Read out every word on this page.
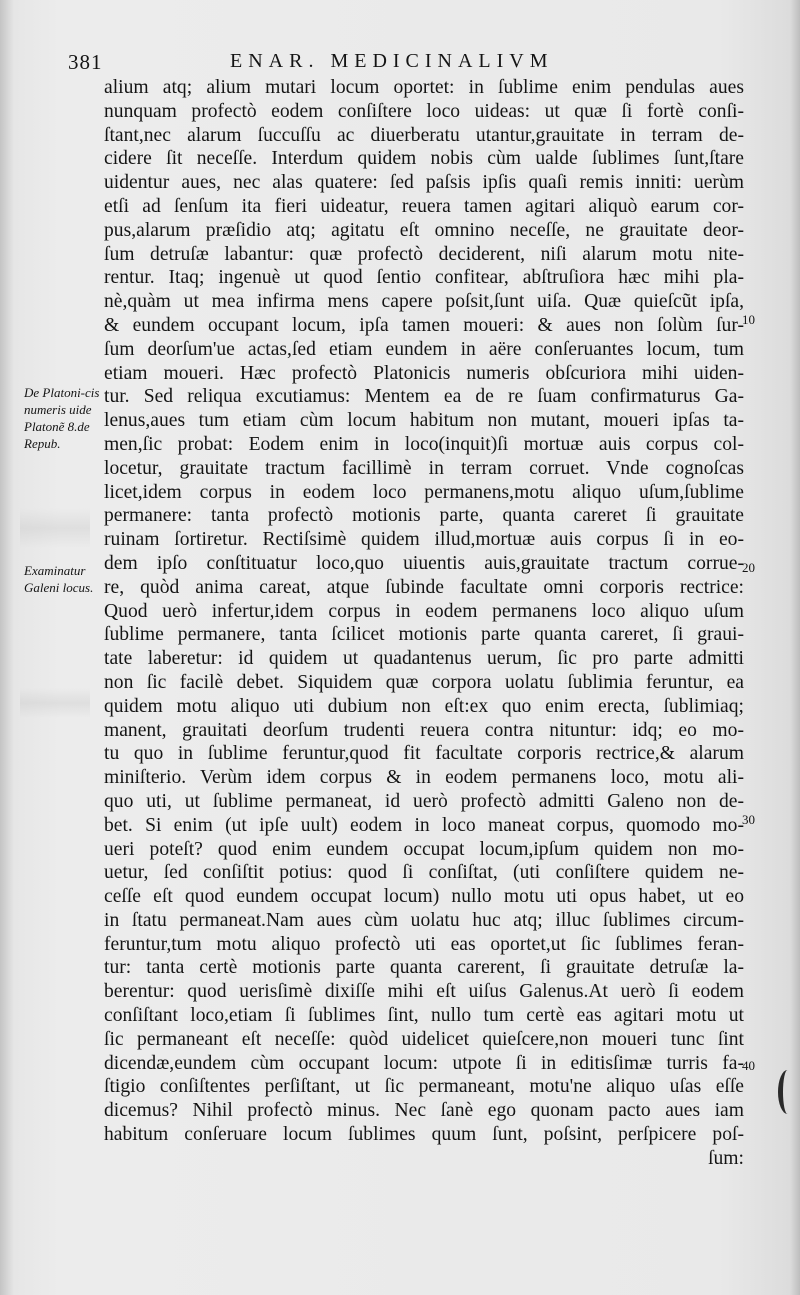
381	ENAR. MEDICINALIVM
alium atq; alium mutari locum oportet: in ſublime enim pendulas aues
nunquam profectò eodem conſiſtere loco uideas: ut quæ ſi fortè conſi-
ſtant,nec alarum ſuccuſſu ac diuerberatu utantur,grauitate in terram de-
cidere ſit neceſſe. Interdum quidem nobis cùm ualde ſublimes ſunt,ſtare
uidentur aues, nec alas quatere: ſed paſsis ipſis quaſi remis inniti: uerùm
etſi ad ſenſum ita fieri uideatur, reuera tamen agitari aliquò earum cor-
pus,alarum præſidio atq; agitatu eſt omnino neceſſe, ne grauitate deor-
ſum detruſæ labantur: quæ profectò deciderent, niſi alarum motu nite-
rentur. Itaq; ingenuè ut quod ſentio confitear, abſtruſiora hæc mihi pla-
nè,quàm ut mea infirma mens capere poſsit,ſunt uiſa. Quæ quieſcũt ipſa,
& eundem occupant locum, ipſa tamen moueri: & aues non ſolùm ſur-
ſum deorſum'ue actas,ſed etiam eundem in aëre conſeruantes locum, tum
etiam moueri. Hæc profectò Platonicis numeris obſcuriora mihi uiden-
tur. Sed reliqua excutiamus: Mentem ea de re ſuam confirmaturus Ga-
lenus,aues tum etiam cùm locum habitum non mutant, moueri ipſas ta-
men,ſic probat: Eodem enim in loco(inquit)ſi mortuæ auis corpus col-
locetur, grauitate tractum facillimè in terram corruet. Vnde cognoſcas
licet,idem corpus in eodem loco permanens,motu aliquo uſum,ſublime
permanere: tanta profectò motionis parte, quanta careret ſi grauitate
ruinam ſortiretur. Rectiſsimè quidem illud,mortuæ auis corpus ſi in eo-
dem ipſo conſtituatur loco,quo uiuentis auis,grauitate tractum corrue-
re, quòd anima careat, atque ſubinde facultate omni corporis rectrice:
Quod uerò infertur,idem corpus in eodem permanens loco aliquo uſum
ſublime permanere, tanta ſcilicet motionis parte quanta careret, ſi graui-
tate laberetur: id quidem ut quadantenus uerum, ſic pro parte admitti
non ſic facilè debet. Siquidem quæ corpora uolatu ſublimia feruntur, ea
quidem motu aliquo uti dubium non eſt:ex quo enim erecta, ſublimiaq;
manent, grauitati deorſum trudenti reuera contra nituntur: idq; eo mo-
tu quo in ſublime feruntur,quod fit facultate corporis rectrice,& alarum
miniſterio. Verùm idem corpus & in eodem permanens loco, motu ali-
quo uti, ut ſublime permaneat, id uerò profectò admitti Galeno non de-
bet. Si enim (ut ipſe uult) eodem in loco maneat corpus, quomodo mo-
ueri poteſt? quod enim eundem occupat locum,ipſum quidem non mo-
uetur, ſed conſiſtit potius: quod ſi conſiſtat, (uti conſiſtere quidem ne-
ceſſe eſt quod eundem occupat locum) nullo motu uti opus habet, ut eo
in ſtatu permaneat.Nam aues cùm uolatu huc atq; illuc ſublimes circum-
feruntur,tum motu aliquo profectò uti eas oportet,ut ſic ſublimes feran-
tur: tanta certè motionis parte quanta carerent, ſi grauitate detruſæ la-
berentur: quod uerisſimè dixiſſe mihi eſt uiſus Galenus.At uerò ſi eodem
conſiſtant loco,etiam ſi ſublimes ſint, nullo tum certè eas agitari motu ut
ſic permaneant eſt neceſſe: quòd uidelicet quieſcere,non moueri tunc ſint
dicendæ,eundem cùm occupant locum: utpote ſi in editisſimæ turris fa-
ſtigio conſiſtentes perſiſtant, ut ſic permaneant, motu'ne aliquo uſas eſſe
dicemus? Nihil profectò minus. Nec ſanè ego quonam pacto aues iam
habitum conſeruare locum ſublimes quum ſunt, poſsint, perſpicere poſ-
ſum:
De Platoni-cis numeris uide Platonẽ 8.de Repub.
Examinatur Galeni locus.
10
20
30
40
